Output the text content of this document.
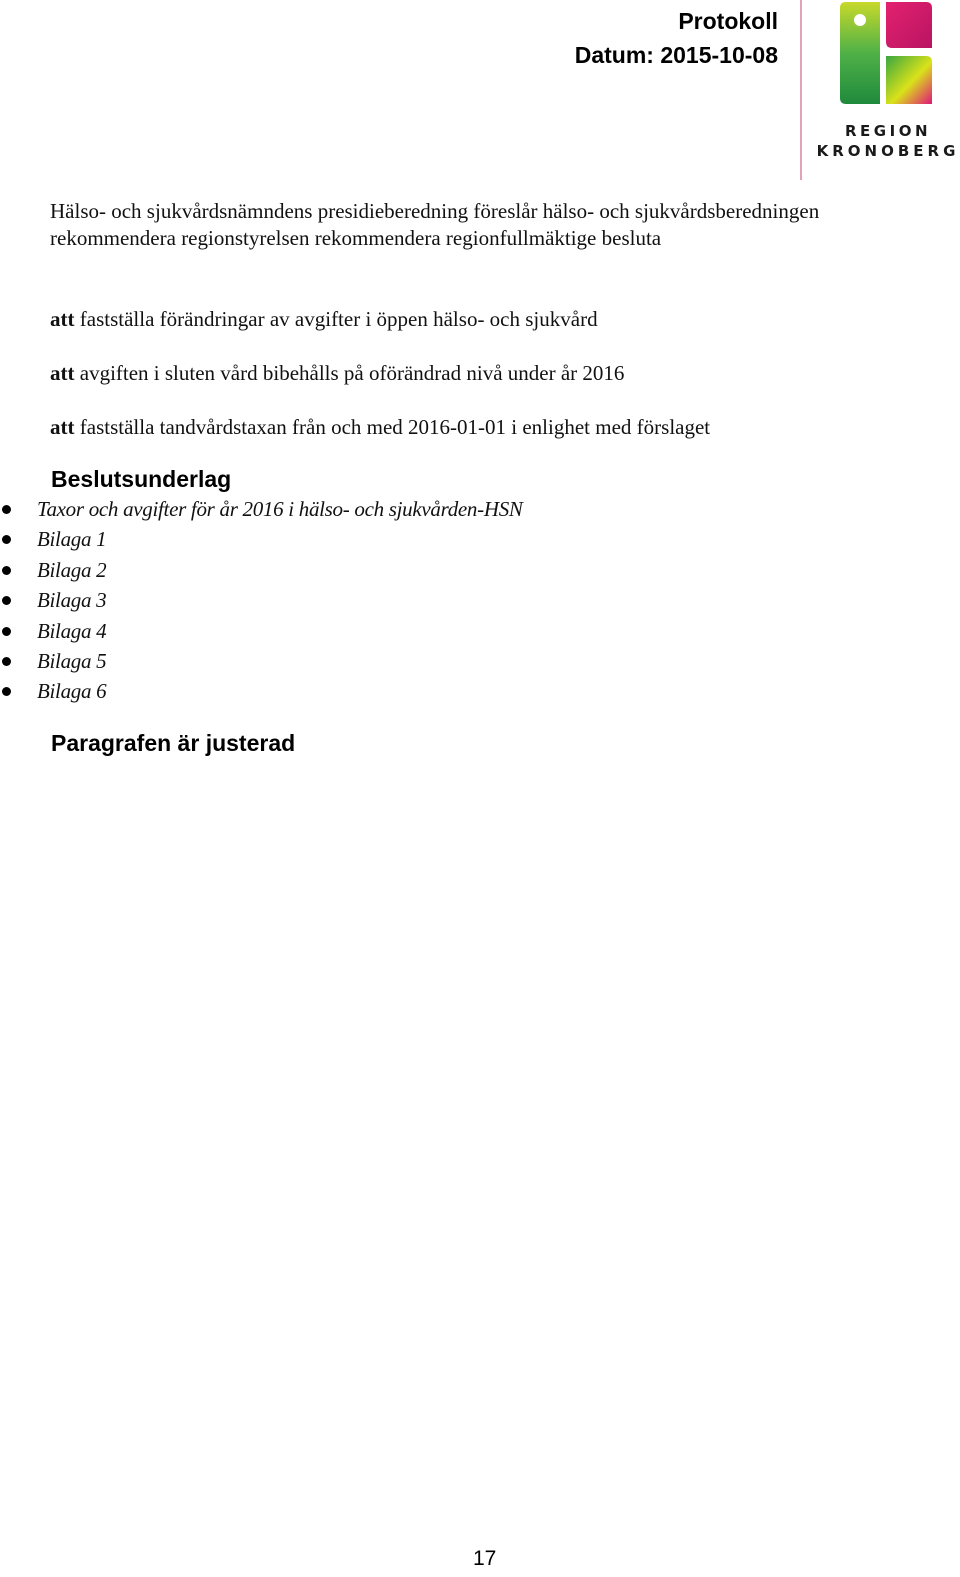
Protokoll
Datum: 2015-10-08
REGION
KRONOBERG
Hälso- och sjukvårdsnämndens presidieberedning föreslår hälso- och sjukvårdsberedningen rekommendera regionstyrelsen rekommendera regionfullmäktige besluta
att fastställa förändringar av avgifter i öppen hälso- och sjukvård
att avgiften i sluten vård bibehålls på oförändrad nivå under år 2016
att fastställa tandvårdstaxan från och med 2016-01-01 i enlighet med förslaget
Beslutsunderlag
Taxor och avgifter för år 2016 i hälso- och sjukvården-HSN
Bilaga 1
Bilaga 2
Bilaga 3
Bilaga 4
Bilaga 5
Bilaga 6
Paragrafen är justerad
17
